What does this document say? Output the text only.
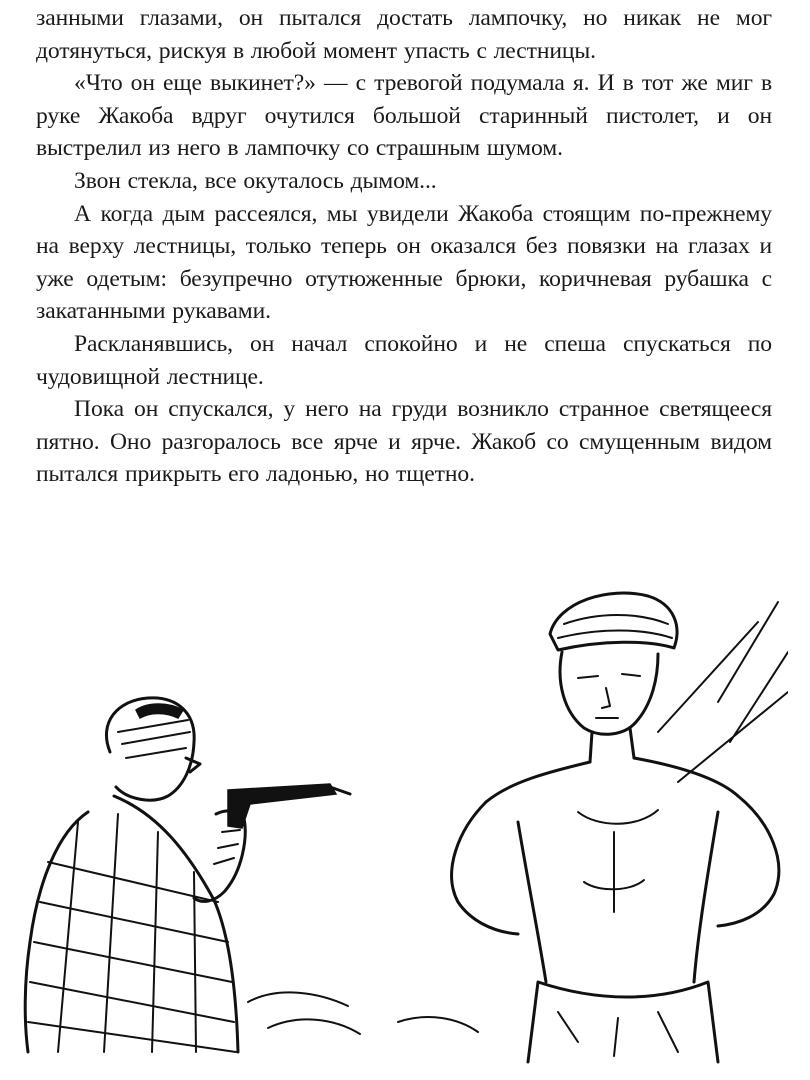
занными глазами, он пытался достать лампочку, но никак не мог дотянуться, рискуя в любой момент упасть с лестницы.

«Что он еще выкинет?» — с тревогой подумала я. И в тот же миг в руке Жакоба вдруг очутился большой старинный пистолет, и он выстрелил из него в лампочку со страшным шумом.

Звон стекла, все окуталось дымом...

А когда дым рассеялся, мы увидели Жакоба стоящим по-прежнему на верху лестницы, только теперь он оказался без повязки на глазах и уже одетым: безупречно отутюженные брюки, коричневая рубашка с закатанными рукавами.

Раскланявшись, он начал спокойно и не спеша спускаться по чудовищной лестнице.

Пока он спускался, у него на груди возникло странное светящееся пятно. Оно разгоралось все ярче и ярче. Жакоб со смущенным видом пытался прикрыть его ладонью, но тщетно.
